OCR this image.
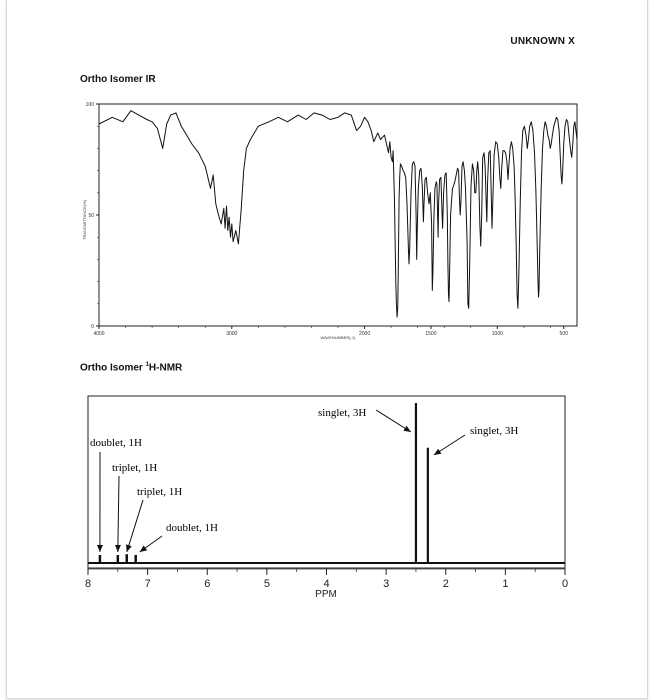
UNKNOWN X
Ortho Isomer IR
Ortho Isomer $^1$H-NMR
100
50
0
4000	3000	2000	1500	1000	500
TRANSMITTANCE(%)
WAVENUMBER(-1)
8	7	6	5	4	3	2	1	0
PPM
doublet, 1H
triplet, 1H
triplet, 1H
doublet, 1H
singlet, 3H
singlet, 3H
